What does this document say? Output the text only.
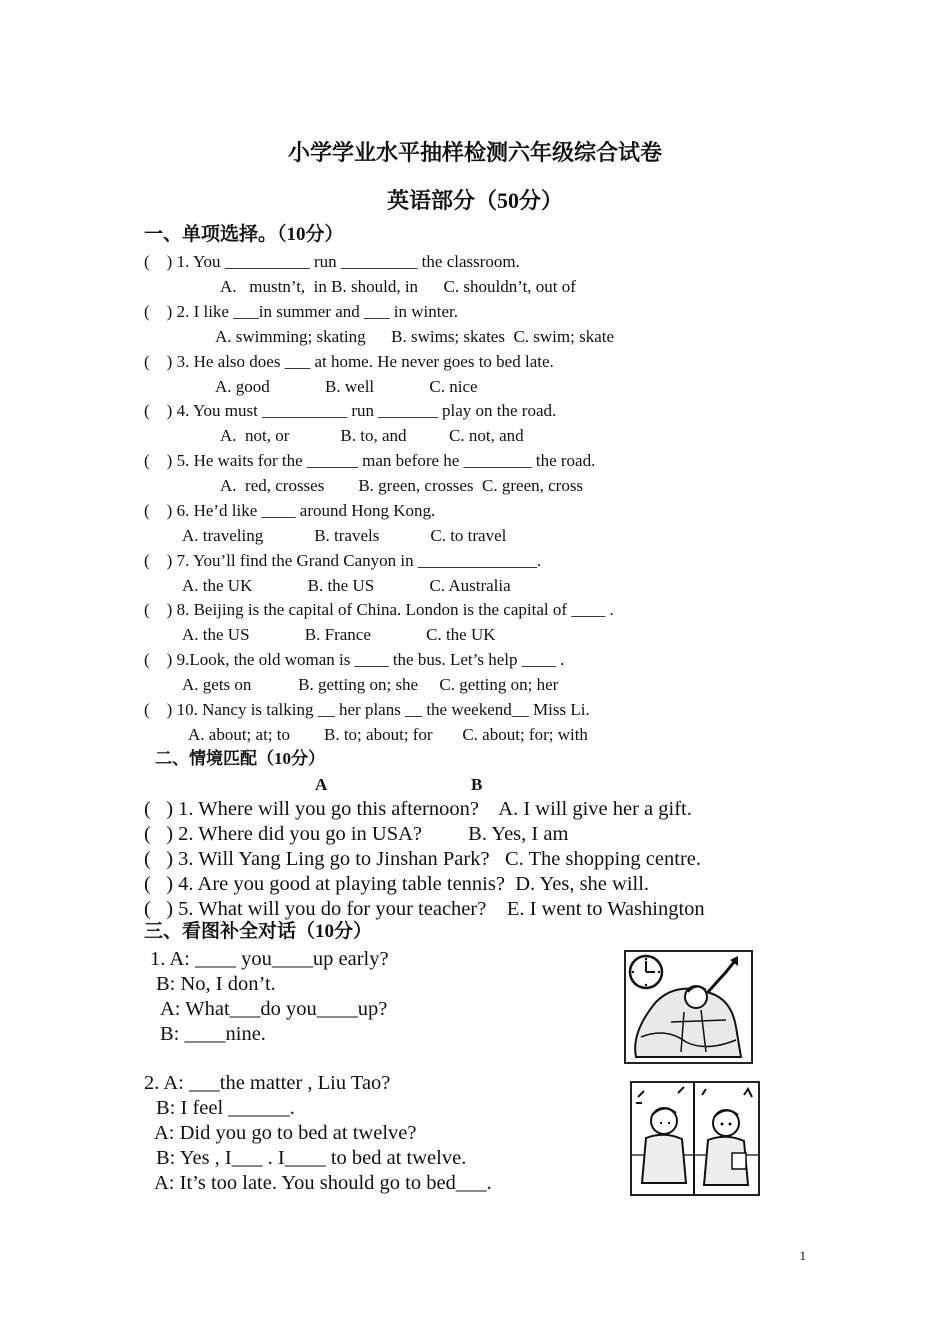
小学学业水平抽样检测六年级综合试卷
英语部分（50分）
一、单项选择。（10分）
(    ) 1. You __________ run _________ the classroom.
A.   mustn’t,  in B. should, in      C. shouldn’t, out of
(    ) 2. I like ___in summer and ___ in winter.
A. swimming; skating      B. swims; skates  C. swim; skate
(    ) 3. He also does ___ at home. He never goes to bed late.
A. good             B. well             C. nice
(    ) 4. You must __________ run _______ play on the road.
A.  not, or            B. to, and          C. not, and
(    ) 5. He waits for the ______ man before he ________ the road.
A.  red, crosses        B. green, crosses  C. green, cross
(    ) 6. He’d like ____ around Hong Kong.
A. traveling            B. travels            C. to travel
(    ) 7. You’ll find the Grand Canyon in ______________.
A. the UK             B. the US             C. Australia
(    ) 8. Beijing is the capital of China. London is the capital of ____ .
A. the US             B. France             C. the UK
(    ) 9.Look, the old woman is ____ the bus. Let’s help ____ .
A. gets on           B. getting on; she     C. getting on; her
(    ) 10. Nancy is talking __ her plans __ the weekend__ Miss Li.
A. about; at; to        B. to; about; for       C. about; for; with
二、情境匹配（10分）
A	B
(   ) 1. Where will you go this afternoon?    A. I will give her a gift.
(   ) 2. Where did you go in USA?         B. Yes, I am
(   ) 3. Will Yang Ling go to Jinshan Park?   C. The shopping centre.
(   ) 4. Are you good at playing table tennis?  D. Yes, she will.
(   ) 5. What will you do for your teacher?    E. I went to Washington
三、看图补全对话（10分）
1. A: ____ you____up early?
B: No, I don’t.
A: What___do you____up?
B: ____nine.
2. A: ___the matter , Liu Tao?
B: I feel ______.
A: Did you go to bed at twelve?
B: Yes , I___ . I____ to bed at twelve.
A: It’s too late. You should go to bed___.
1
